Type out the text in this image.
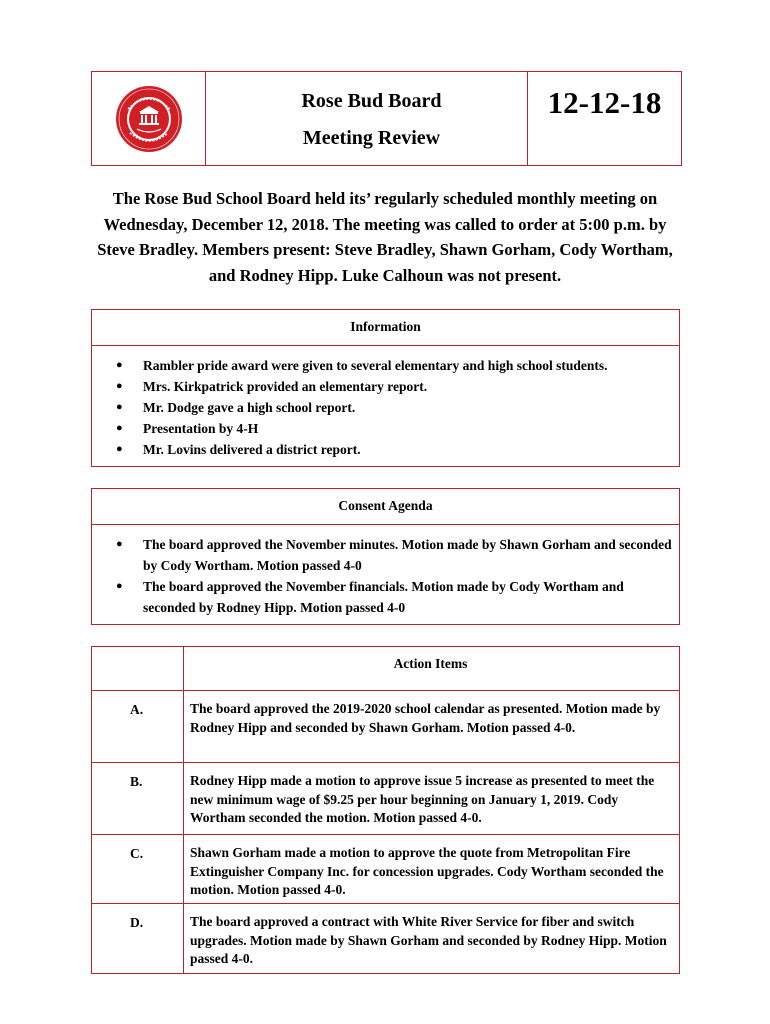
Rose Bud Board
Meeting Review
12-12-18
The Rose Bud School Board held its’ regularly scheduled monthly meeting on Wednesday, December 12, 2018. The meeting was called to order at 5:00 p.m. by Steve Bradley. Members present: Steve Bradley, Shawn Gorham, Cody Wortham, and Rodney Hipp. Luke Calhoun was not present.
Information
● Rambler pride award were given to several elementary and high school students.
● Mrs. Kirkpatrick provided an elementary report.
● Mr. Dodge gave a high school report.
● Presentation by 4-H
● Mr. Lovins delivered a district report.
Consent Agenda
● The board approved the November minutes. Motion made by Shawn Gorham and seconded by Cody Wortham. Motion passed 4-0
● The board approved the November financials. Motion made by Cody Wortham and seconded by Rodney Hipp. Motion passed 4-0
Action Items
A.	The board approved the 2019-2020 school calendar as presented. Motion made by Rodney Hipp and seconded by Shawn Gorham. Motion passed 4-0.
B.	Rodney Hipp made a motion to approve issue 5 increase as presented to meet the new minimum wage of $9.25 per hour beginning on January 1, 2019. Cody Wortham seconded the motion. Motion passed 4-0.
C.	Shawn Gorham made a motion to approve the quote from Metropolitan Fire Extinguisher Company Inc. for concession upgrades. Cody Wortham seconded the motion. Motion passed 4-0.
D.	The board approved a contract with White River Service for fiber and switch upgrades. Motion made by Shawn Gorham and seconded by Rodney Hipp. Motion passed 4-0.
